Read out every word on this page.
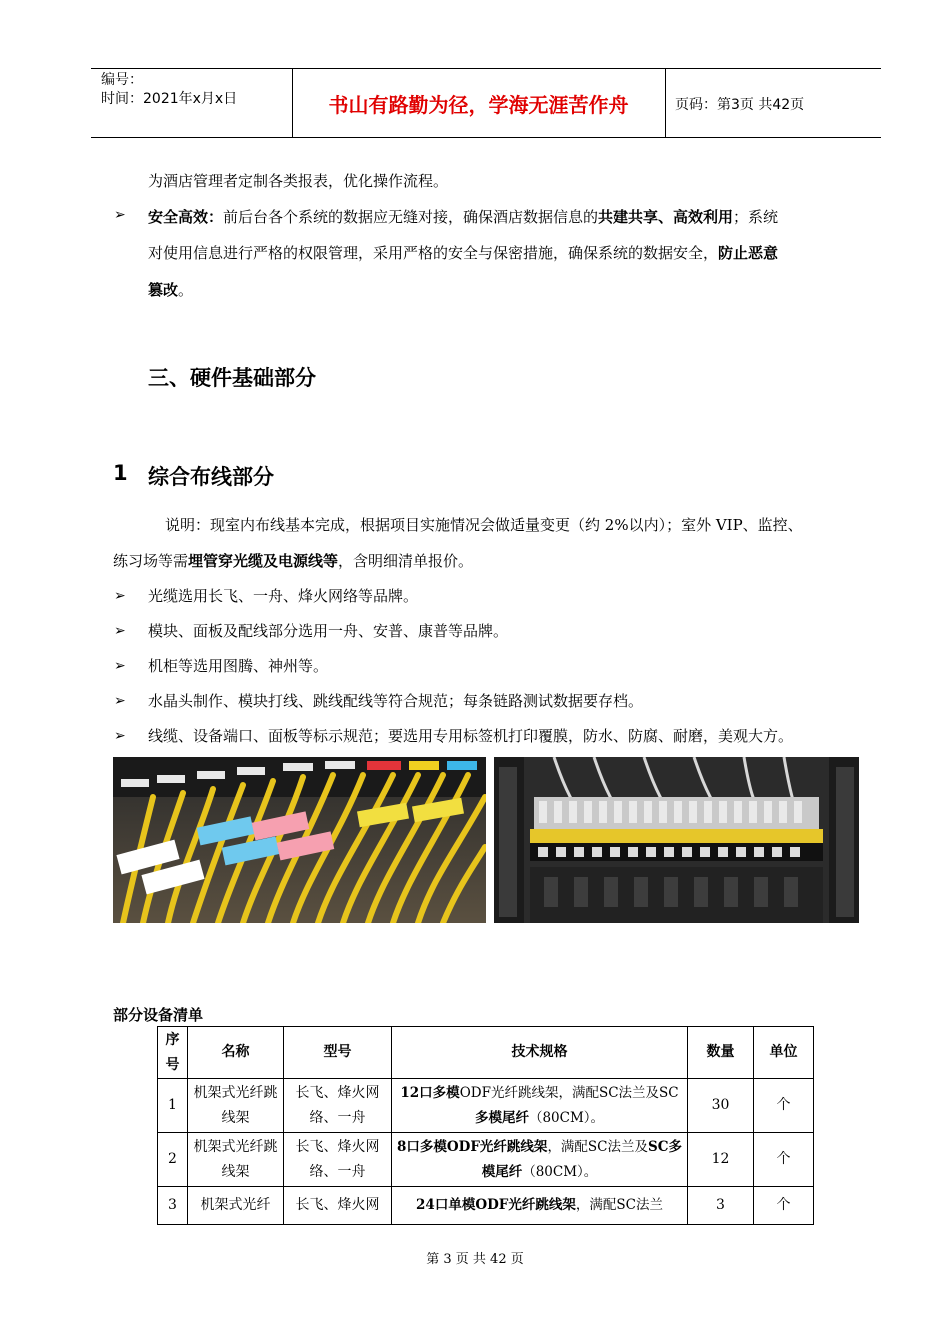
编号：
时间：2021年x月x日	书山有路勤为径，学海无涯苦作舟	页码：第3页 共42页
为酒店管理者定制各类报表，优化操作流程。
➢ 安全高效：前后台各个系统的数据应无缝对接，确保酒店数据信息的共建共享、高效利用；系统
对使用信息进行严格的权限管理，采用严格的安全与保密措施，确保系统的数据安全，防止恶意
篡改。
三、硬件基础部分
1 综合布线部分
说明：现室内布线基本完成，根据项目实施情况会做适量变更（约 2%以内）；室外 VIP、监控、
练习场等需埋管穿光缆及电源线等，含明细清单报价。
➢ 光缆选用长飞、一舟、烽火网络等品牌。
➢ 模块、面板及配线部分选用一舟、安普、康普等品牌。
➢ 机柜等选用图腾、神州等。
➢ 水晶头制作、模块打线、跳线配线等符合规范；每条链路测试数据要存档。
➢ 线缆、设备端口、面板等标示规范；要选用专用标签机打印覆膜，防水、防腐、耐磨，美观大方。
部分设备清单
序号	名称	型号	技术规格	数量	单位
1	机架式光纤跳线架	长飞、烽火网络、一舟	12口多模ODF光纤跳线架，满配SC法兰及SC多模尾纤（80CM）。	30	个
2	机架式光纤跳线架	长飞、烽火网络、一舟	8口多模ODF光纤跳线架，满配SC法兰及SC多模尾纤（80CM）。	12	个
3	机架式光纤	长飞、烽火网	24口单模ODF光纤跳线架，满配SC法兰	3	个
第 3 页 共 42 页
